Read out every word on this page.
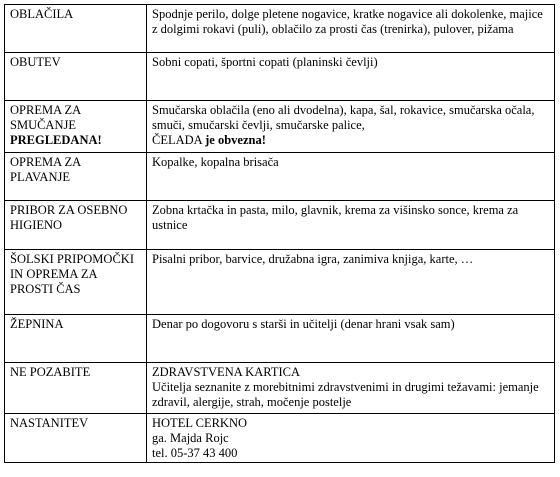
OBLAČILA	Spodnje perilo, dolge pletene nogavice, kratke nogavice ali dokolenke, majice z dolgimi rokavi (puli), oblačilo za prosti čas (trenirka), pulover, pižama
OBUTEV	Sobni copati, športni copati (planinski čevlji)

OPREMA ZA SMUČANJE
PREGLEDANA!	Smučarska oblačila (eno ali dvodelna), kapa, šal, rokavice, smučarska očala, smuči, smučarski čevlji, smučarske palice,
ČELADA je obvezna!

OPREMA ZA PLAVANJE	Kopalke, kopalna brisača
PRIBOR ZA OSEBNO HIGIENO	Zobna krtačka in pasta, milo, glavnik, krema za višinsko sonce, krema za ustnice
ŠOLSKI PRIPOMOČKI IN OPREMA ZA PROSTI ČAS	Pisalni pribor, barvice, družabna igra, zanimiva knjiga, karte, …
ŽEPNINA	Denar po dogovoru s starši in učitelji (denar hrani vsak sam)
NE POZABITE	ZDRAVSTVENA KARTICA
Učitelja seznanite z morebitnimi zdravstvenimi in drugimi težavami: jemanje zdravil, alergije, strah, močenje postelje

NASTANITEV	HOTEL CERKNO
ga. Majda Rojc
tel. 05-37 43 400
